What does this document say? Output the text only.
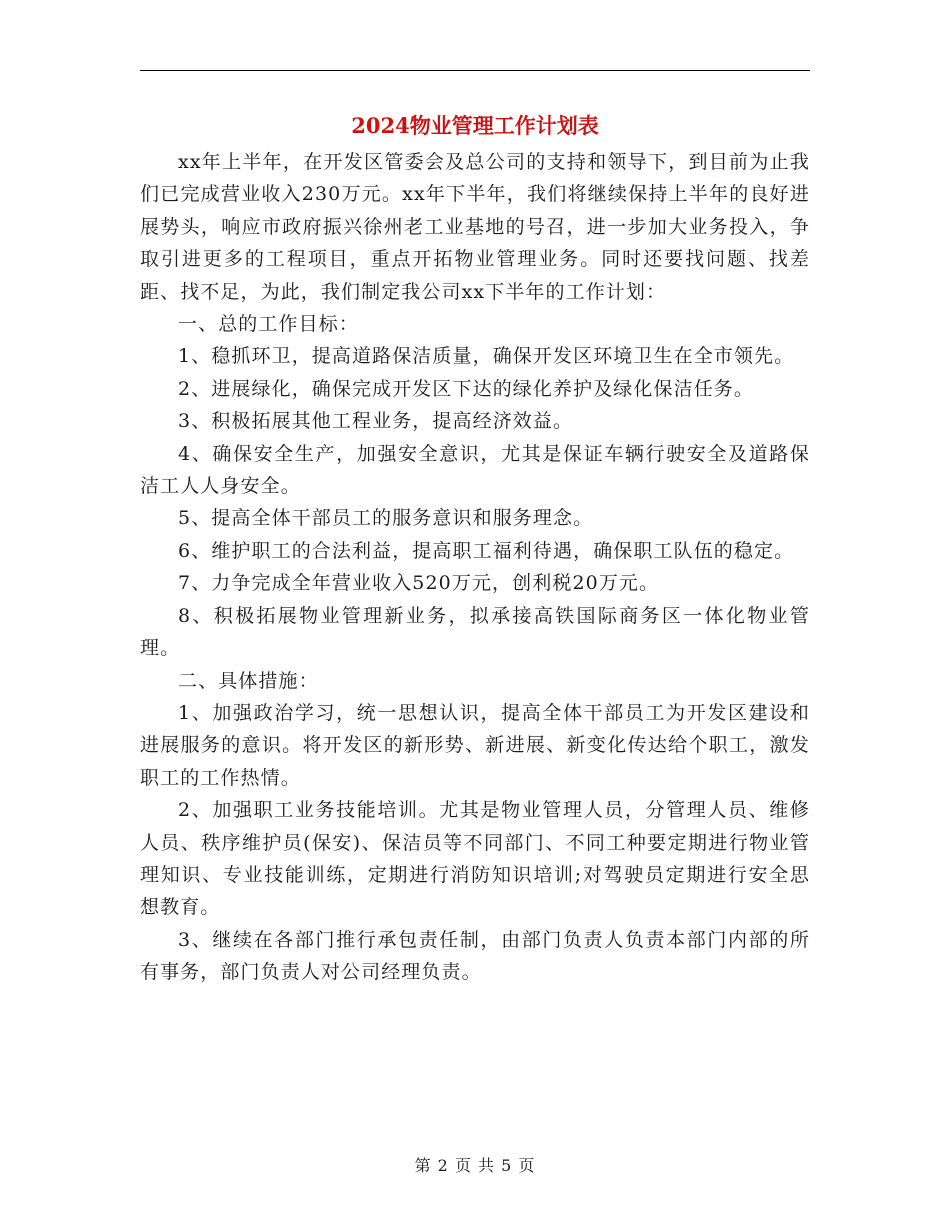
2024物业管理工作计划表

xx年上半年，在开发区管委会及总公司的支持和领导下，到目前为止我们已完成营业收入230万元。xx年下半年，我们将继续保持上半年的良好进展势头，响应市政府振兴徐州老工业基地的号召，进一步加大业务投入，争取引进更多的工程项目，重点开拓物业管理业务。同时还要找问题、找差距、找不足，为此，我们制定我公司xx下半年的工作计划：

一、总的工作目标：

1、稳抓环卫，提高道路保洁质量，确保开发区环境卫生在全市领先。

2、进展绿化，确保完成开发区下达的绿化养护及绿化保洁任务。

3、积极拓展其他工程业务，提高经济效益。

4、确保安全生产，加强安全意识，尤其是保证车辆行驶安全及道路保洁工人人身安全。

5、提高全体干部员工的服务意识和服务理念。

6、维护职工的合法利益，提高职工福利待遇，确保职工队伍的稳定。

7、力争完成全年营业收入520万元，创利税20万元。

8、积极拓展物业管理新业务，拟承接高铁国际商务区一体化物业管理。

二、具体措施：

1、加强政治学习，统一思想认识，提高全体干部员工为开发区建设和进展服务的意识。将开发区的新形势、新进展、新变化传达给个职工，激发职工的工作热情。

2、加强职工业务技能培训。尤其是物业管理人员，分管理人员、维修人员、秩序维护员(保安)、保洁员等不同部门、不同工种要定期进行物业管理知识、专业技能训练，定期进行消防知识培训;对驾驶员定期进行安全思想教育。

3、继续在各部门推行承包责任制，由部门负责人负责本部门内部的所有事务，部门负责人对公司经理负责。

第 2 页 共 5 页
